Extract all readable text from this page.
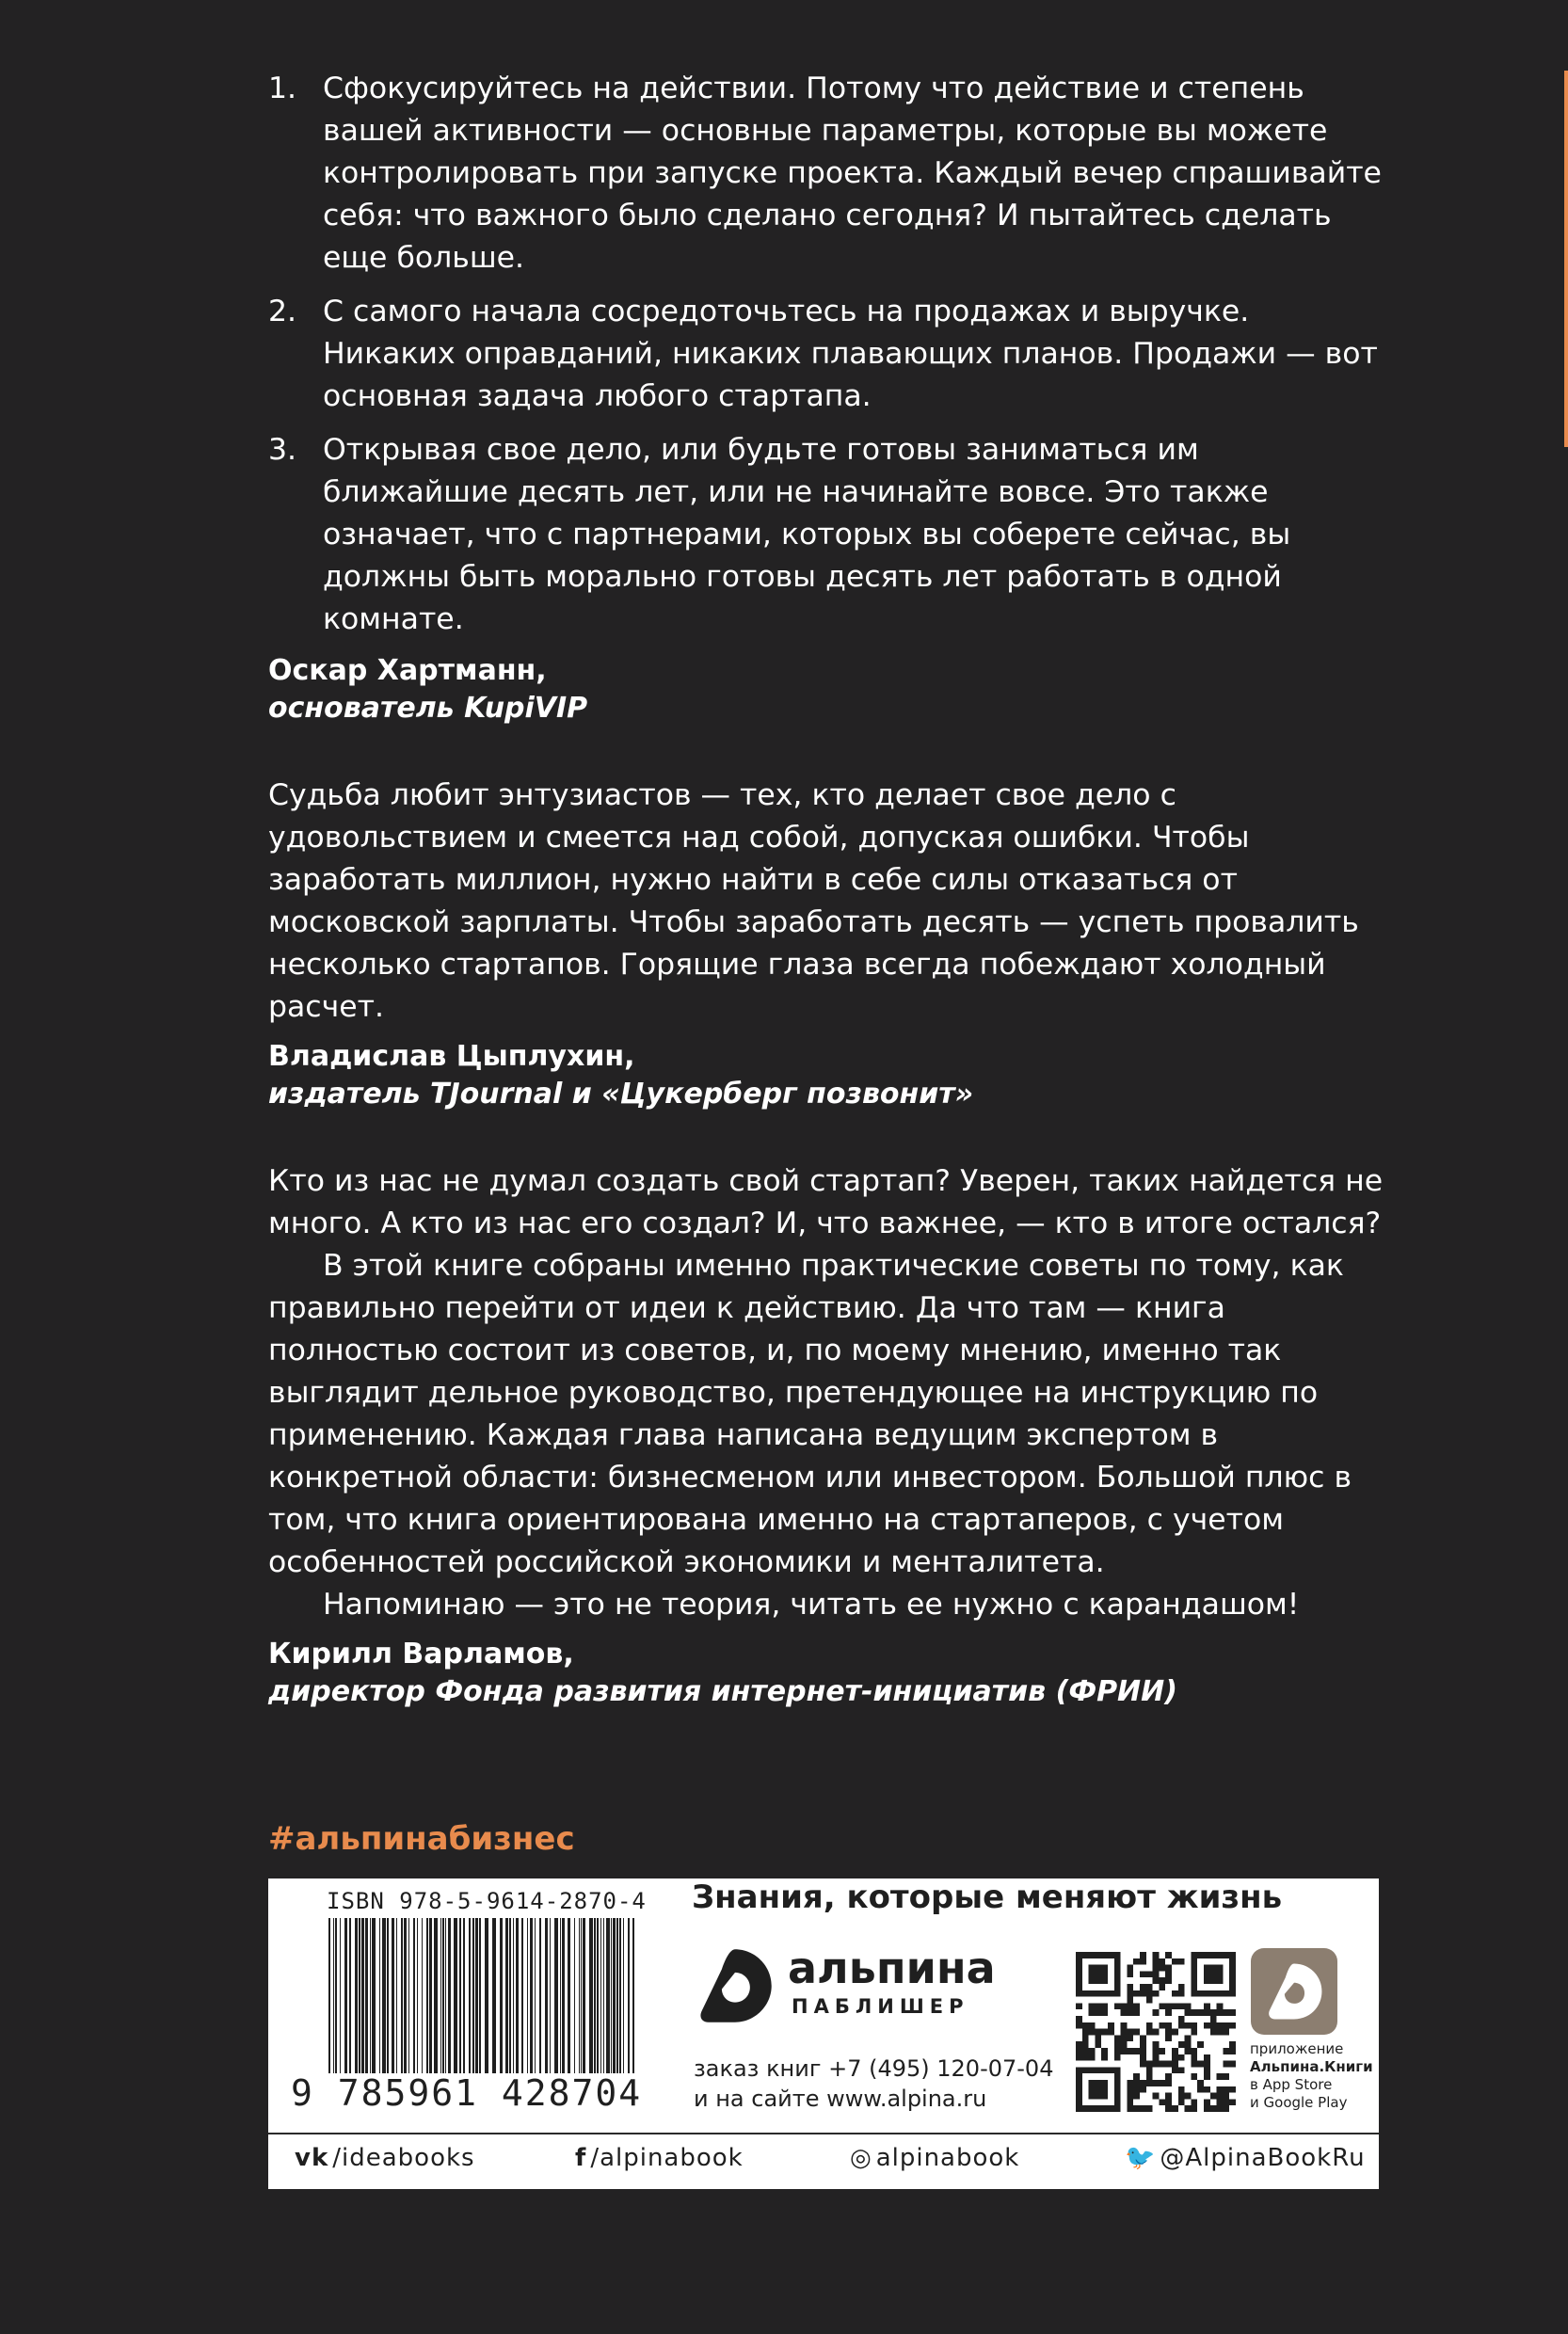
1. Сфокусируйтесь на действии. Потому что действие и степень вашей активности — основные параметры, которые вы можете контролировать при запуске проекта. Каждый вечер спрашивайте себя: что важного было сделано сегодня? И пытайтесь сделать еще больше.
2. С самого начала сосредоточьтесь на продажах и выручке. Никаких оправданий, никаких плавающих планов. Продажи — вот основная задача любого стартапа.
3. Открывая свое дело, или будьте готовы заниматься им ближайшие десять лет, или не начинайте вовсе. Это также означает, что с партнерами, которых вы соберете сейчас, вы должны быть морально готовы десять лет работать в одной комнате.
Оскар Хартманн,
основатель KupiVIP

Судьба любит энтузиастов — тех, кто делает свое дело с удовольствием и смеется над собой, допуская ошибки. Чтобы заработать миллион, нужно найти в себе силы отказаться от московской зарплаты. Чтобы заработать десять — успеть провалить несколько стартапов. Горящие глаза всегда побеждают холодный расчет.

Владислав Цыплухин,
издатель TJournal и «Цукерберг позвонит»

Кто из нас не думал создать свой стартап? Уверен, таких найдется не много. А кто из нас его создал? И, что важнее, — кто в итоге остался?

В этой книге собраны именно практические советы по тому, как правильно перейти от идеи к действию. Да что там — книга полностью состоит из советов, и, по моему мнению, именно так выглядит дельное руководство, претендующее на инструкцию по применению. Каждая глава написана ведущим экспертом в конкретной области: бизнесменом или инвестором. Большой плюс в том, что книга ориентирована именно на стартаперов, с учетом особенностей российской экономики и менталитета.

Напоминаю — это не теория, читать ее нужно с карандашом!

Кирилл Варламов,
директор Фонда развития интернет-инициатив (ФРИИ)
#альпинабизнес
ISBN 978-5-9614-2870-4
9 785961 428704
Знания, которые меняют жизнь
альпина
ПАБЛИШЕР
заказ книг +7 (495) 120-07-04
и на сайте www.alpina.ru
приложение
Альпина.Книги
в App Store
и Google Play
vk /ideabooks	f /alpinabook	◎ alpinabook	🐦 @AlpinaBookRu
